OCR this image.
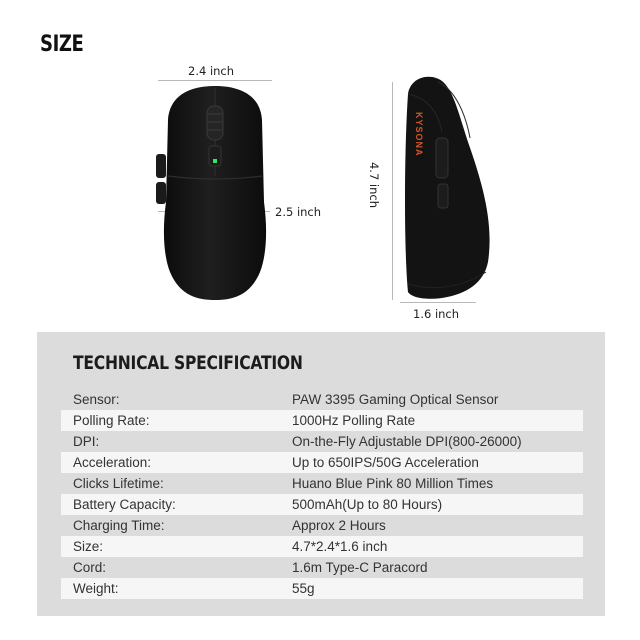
SIZE
2.4 inch
2.5 inch
4.7 inch
1.6 inch
KYSONA
TECHNICAL SPECIFICATION
Sensor:	PAW 3395 Gaming Optical Sensor
Polling Rate:	1000Hz Polling Rate
DPI:	On-the-Fly Adjustable DPI(800-26000)
Acceleration:	Up to 650IPS/50G Acceleration
Clicks Lifetime:	Huano Blue Pink 80 Million Times
Battery Capacity:	500mAh(Up to 80 Hours)
Charging Time:	Approx 2 Hours
Size:	4.7*2.4*1.6 inch
Cord:	1.6m Type-C Paracord
Weight:	55g
